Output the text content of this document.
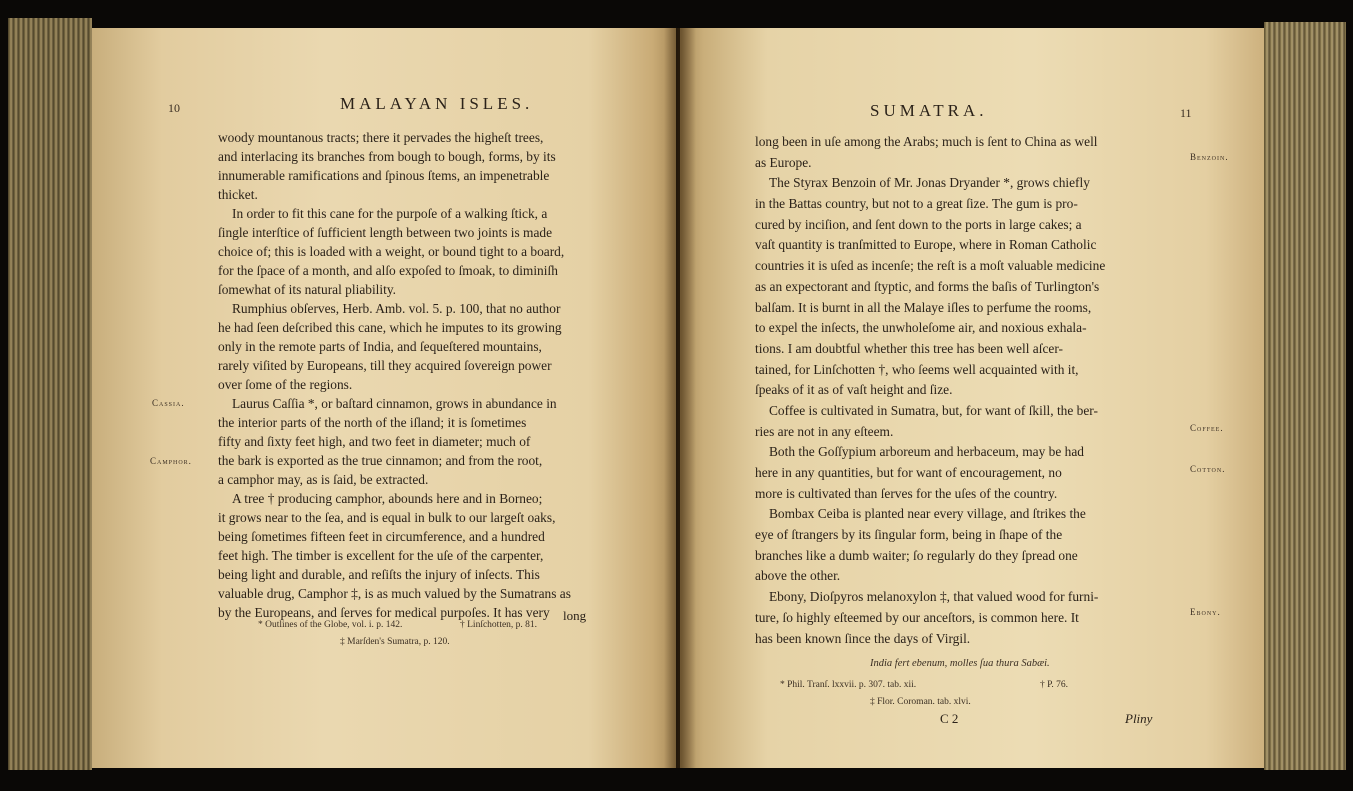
10	MALAYAN ISLES.
woody mountanous tracts; there it pervades the higheſt trees,
and interlacing its branches from bough to bough, forms, by its
innumerable ramifications and ſpinous ſtems, an impenetrable
thicket.
In order to fit this cane for the purpoſe of a walking ſtick, a
ſingle interſtice of ſufficient length between two joints is made
choice of; this is loaded with a weight, or bound tight to a board,
for the ſpace of a month, and alſo expoſed to ſmoak, to diminiſh
ſomewhat of its natural pliability.
Rumphius obſerves, Herb. Amb. vol. 5. p. 100, that no author
he had ſeen deſcribed this cane, which he imputes to its growing
only in the remote parts of India, and ſequeſtered mountains,
rarely viſited by Europeans, till they acquired ſovereign power
over ſome of the regions.
Laurus Caſſia *, or baſtard cinnamon, grows in abundance in
the interior parts of the north of the iſland; it is ſometimes
fifty and ſixty feet high, and two feet in diameter; much of
the bark is exported as the true cinnamon; and from the root,
a camphor may, as is ſaid, be extracted.
A tree † producing camphor, abounds here and in Borneo;
it grows near to the ſea, and is equal in bulk to our largeſt oaks,
being ſometimes fifteen feet in circumference, and a hundred
feet high. The timber is excellent for the uſe of the carpenter,
being light and durable, and reſiſts the injury of inſects. This
valuable drug, Camphor ‡, is as much valued by the Sumatrans as
by the Europeans, and ſerves for medical purpoſes. It has very
Cassia.
Camphor.
* Outlines of the Globe, vol. i. p. 142.	† Linſchotten, p. 81.
‡ Marſden's Sumatra, p. 120.
long
SUMATRA.	11
long been in uſe among the Arabs; much is ſent to China as well
as Europe.
The Styrax Benzoin of Mr. Jonas Dryander *, grows chiefly
in the Battas country, but not to a great ſize. The gum is pro-
cured by inciſion, and ſent down to the ports in large cakes; a
vaſt quantity is tranſmitted to Europe, where in Roman Catholic
countries it is uſed as incenſe; the reſt is a moſt valuable medicine
as an expectorant and ſtyptic, and forms the baſis of Turlington's
balſam. It is burnt in all the Malaye iſles to perfume the rooms,
to expel the inſects, the unwholeſome air, and noxious exhala-
tions. I am doubtful whether this tree has been well aſcer-
tained, for Linſchotten †, who ſeems well acquainted with it,
ſpeaks of it as of vaſt height and ſize.
Coffee is cultivated in Sumatra, but, for want of ſkill, the ber-
ries are not in any eſteem.
Both the Goſſypium arboreum and herbaceum, may be had
here in any quantities, but for want of encouragement, no
more is cultivated than ſerves for the uſes of the country.
Bombax Ceiba is planted near every village, and ſtrikes the
eye of ſtrangers by its ſingular form, being in ſhape of the
branches like a dumb waiter; ſo regularly do they ſpread one
above the other.
Ebony, Dioſpyros melanoxylon ‡, that valued wood for furni-
ture, ſo highly eſteemed by our anceſtors, is common here. It
has been known ſince the days of Virgil.
India fert ebenum, molles ſua thura Sabæi.
Benzoin.
Coffee.
Cotton.
Ebony.
* Phil. Tranſ. lxxvii. p. 307. tab. xii.	† P. 76.
‡ Flor. Coroman. tab. xlvi.
C 2	Pliny
